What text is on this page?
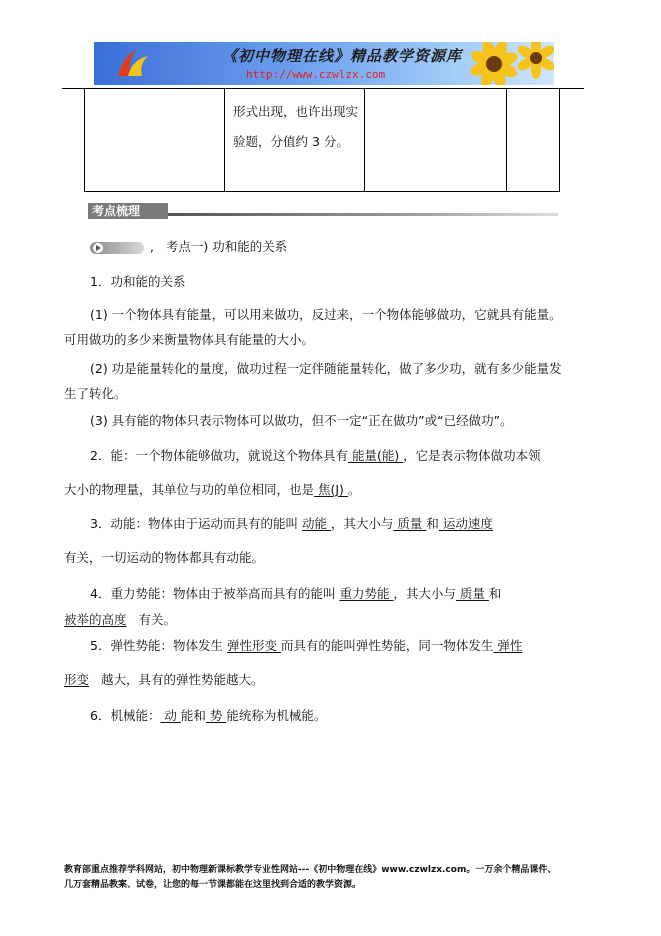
《初中物理在线》精品教学资源库
http://www.czwlzx.com

形式出现，也许出现实
验题，分值约 3 分。

考点梳理
, 考点一) 功和能的关系
1．功和能的关系
(1) 一个物体具有能量，可以用来做功，反过来，一个物体能够做功，它就具有能量。
可用做功的多少来衡量物体具有能量的大小。
(2) 功是能量转化的量度，做功过程一定伴随能量转化，做了多少功，就有多少能量发
生了转化。
(3) 具有能的物体只表示物体可以做功，但不一定“正在做功”或“已经做功”。
2．能：一个物体能够做功，就说这个物体具有 能量(能) ，它是表示物体做功本领
大小的物理量，其单位与功的单位相同，也是 焦(J) 。
3．动能：物体由于运动而具有的能叫 动能 ，其大小与 质量 和 运动速度
有关，一切运动的物体都具有动能。
4．重力势能：物体由于被举高而具有的能叫 重力势能 ，其大小与 质量 和
被举的高度 有关。
5．弹性势能：物体发生 弹性形变 而具有的能叫弹性势能，同一物体发生 弹性
形变 越大，具有的弹性势能越大。
6．机械能： 动 能和 势 能统称为机械能。
教育部重点推荐学科网站，初中物理新课标教学专业性网站---《初中物理在线》www.czwlzx.com。一万余个精品课件、
几万套精品教案、试卷，让您的每一节课都能在这里找到合适的教学资源。
